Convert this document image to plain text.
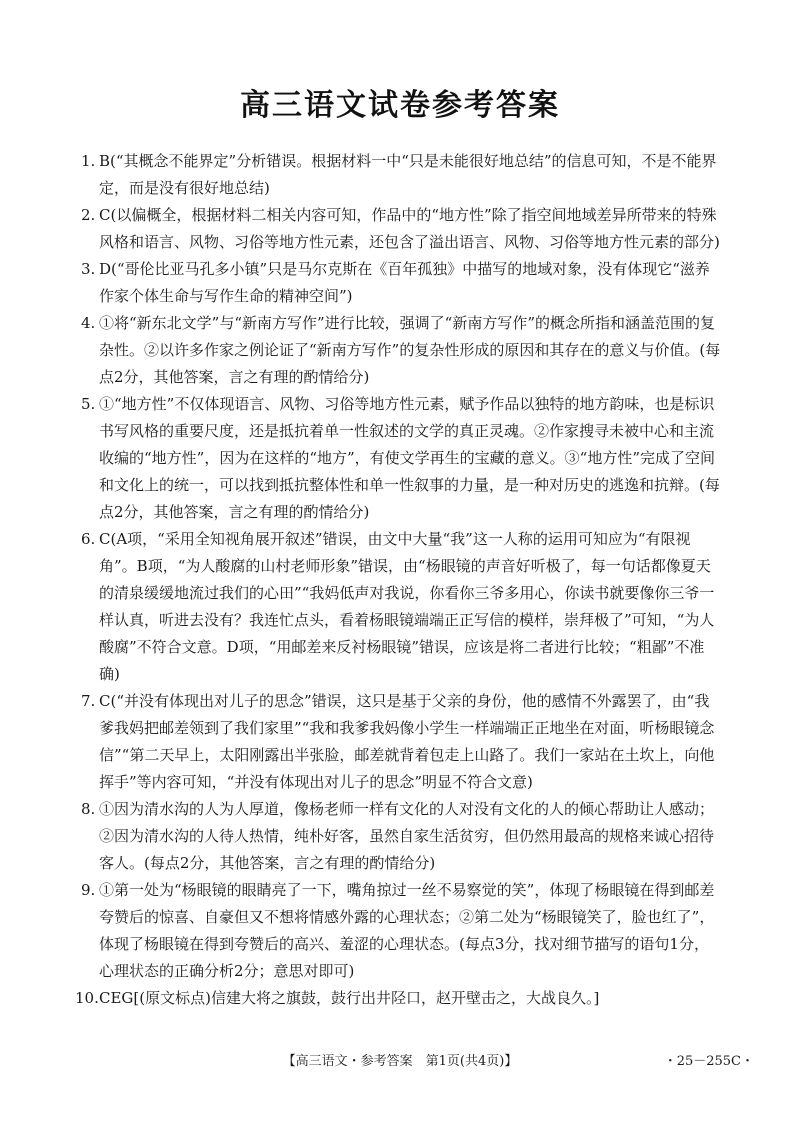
高三语文试卷参考答案
1. B(“其概念不能界定”分析错误。根据材料一中“只是未能很好地总结”的信息可知，不是不能界定，而是没有很好地总结)
2. C(以偏概全，根据材料二相关内容可知，作品中的“地方性”除了指空间地域差异所带来的特殊风格和语言、风物、习俗等地方性元素，还包含了溢出语言、风物、习俗等地方性元素的部分)
3. D(“哥伦比亚马孔多小镇”只是马尔克斯在《百年孤独》中描写的地域对象，没有体现它“滋养作家个体生命与写作生命的精神空间”)
4. ①将“新东北文学”与“新南方写作”进行比较，强调了“新南方写作”的概念所指和涵盖范围的复杂性。②以许多作家之例论证了“新南方写作”的复杂性形成的原因和其存在的意义与价值。(每点2分，其他答案，言之有理的酌情给分)
5. ①“地方性”不仅体现语言、风物、习俗等地方性元素，赋予作品以独特的地方韵味，也是标识书写风格的重要尺度，还是抵抗着单一性叙述的文学的真正灵魂。②作家搜寻未被中心和主流收编的“地方性”，因为在这样的“地方”，有使文学再生的宝藏的意义。③“地方性”完成了空间和文化上的统一，可以找到抵抗整体性和单一性叙事的力量，是一种对历史的逃逸和抗辩。(每点2分，其他答案，言之有理的酌情给分)
6. C(A项，“采用全知视角展开叙述”错误，由文中大量“我”这一人称的运用可知应为“有限视角”。B项，“为人酸腐的山村老师形象”错误，由“杨眼镜的声音好听极了，每一句话都像夏天的清泉缓缓地流过我们的心田”“我妈低声对我说，你看你三爷多用心，你读书就要像你三爷一样认真，听进去没有？我连忙点头，看着杨眼镜端端正正写信的模样，崇拜极了”可知，“为人酸腐”不符合文意。D项，“用邮差来反衬杨眼镜”错误，应该是将二者进行比较；“粗鄙”不准确)
7. C(“并没有体现出对儿子的思念”错误，这只是基于父亲的身份，他的感情不外露罢了，由“我爹我妈把邮差领到了我们家里”“我和我爹我妈像小学生一样端端正正地坐在对面，听杨眼镜念信”“第二天早上，太阳刚露出半张脸，邮差就背着包走上山路了。我们一家站在土坎上，向他挥手”等内容可知，“并没有体现出对儿子的思念”明显不符合文意)
8. ①因为清水沟的人为人厚道，像杨老师一样有文化的人对没有文化的人的倾心帮助让人感动；②因为清水沟的人待人热情，纯朴好客，虽然自家生活贫穷，但仍然用最高的规格来诚心招待客人。(每点2分，其他答案，言之有理的酌情给分)
9. ①第一处为“杨眼镜的眼睛亮了一下，嘴角掠过一丝不易察觉的笑”，体现了杨眼镜在得到邮差夸赞后的惊喜、自豪但又不想将情感外露的心理状态；②第二处为“杨眼镜笑了，脸也红了”，体现了杨眼镜在得到夸赞后的高兴、羞涩的心理状态。(每点3分，找对细节描写的语句1分，心理状态的正确分析2分；意思对即可)
10. CEG[(原文标点)信建大将之旗鼓，鼓行出井陉口，赵开壁击之，大战良久。]
【高三语文・参考答案　第1页(共4页)】	・25－255C・
